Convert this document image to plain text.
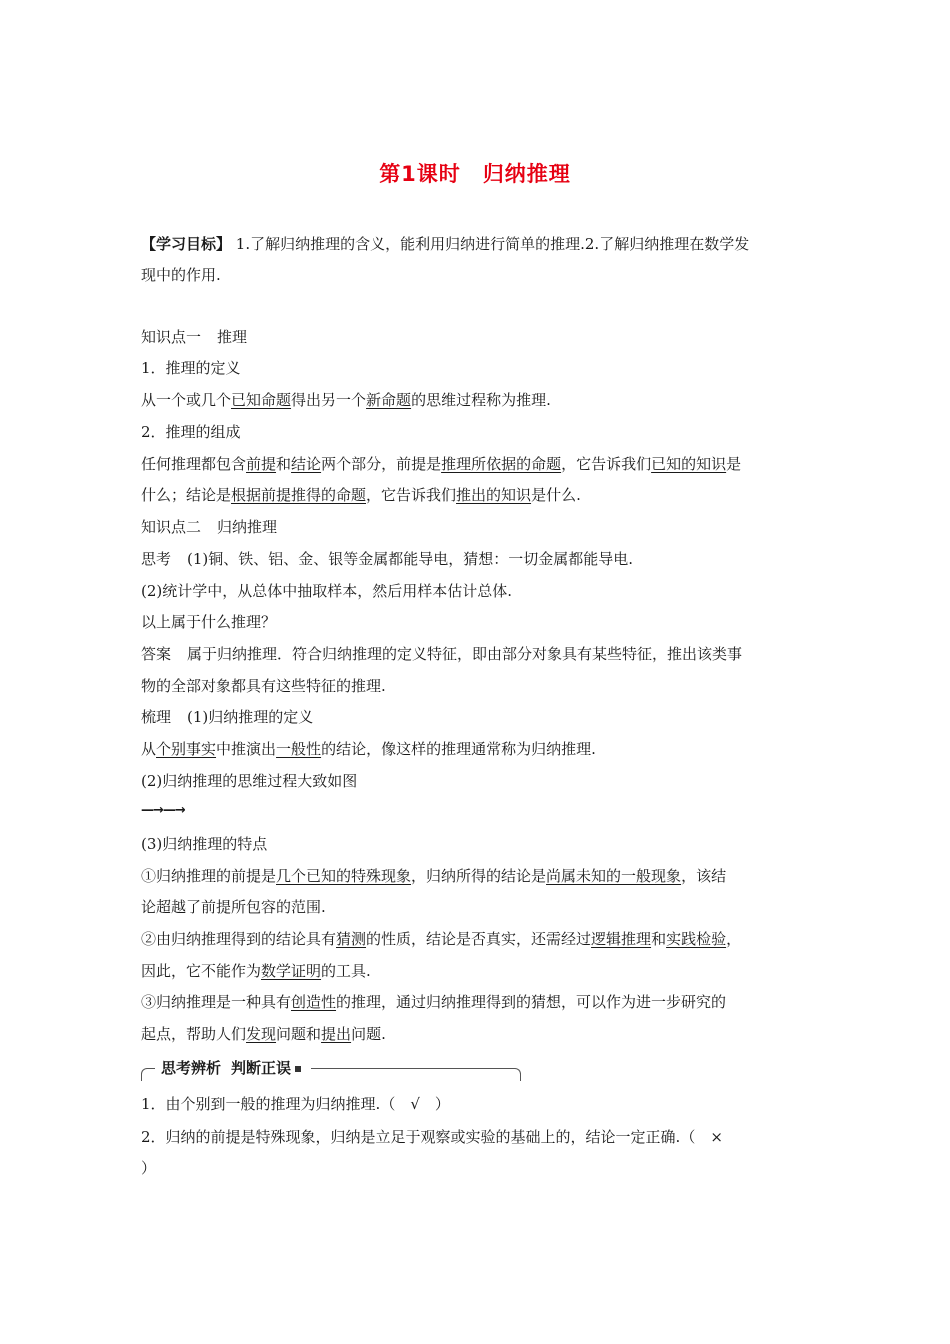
第1课时 归纳推理
【学习目标】 1.了解归纳推理的含义，能利用归纳进行简单的推理.2.了解归纳推理在数学发
现中的作用.
知识点一 推理
1．推理的定义
从一个或几个已知命题得出另一个新命题的思维过程称为推理.
2．推理的组成
任何推理都包含前提和结论两个部分，前提是推理所依据的命题，它告诉我们已知的知识是
什么；结论是根据前提推得的命题，它告诉我们推出的知识是什么.
知识点二 归纳推理
思考 (1)铜、铁、铝、金、银等金属都能导电，猜想：一切金属都能导电.
(2)统计学中，从总体中抽取样本，然后用样本估计总体.
以上属于什么推理？
答案 属于归纳推理．符合归纳推理的定义特征，即由部分对象具有某些特征，推出该类事
物的全部对象都具有这些特征的推理.
梳理 (1)归纳推理的定义
从个别事实中推演出一般性的结论，像这样的推理通常称为归纳推理.
(2)归纳推理的思维过程大致如图
—→—→
(3)归纳推理的特点
①归纳推理的前提是几个已知的特殊现象，归纳所得的结论是尚属未知的一般现象，该结
论超越了前提所包容的范围.
②由归纳推理得到的结论具有猜测的性质，结论是否真实，还需经过逻辑推理和实践检验，
因此，它不能作为数学证明的工具.
③归纳推理是一种具有创造性的推理，通过归纳推理得到的猜想，可以作为进一步研究的
起点，帮助人们发现问题和提出问题.
思考辨析 判断正误
1．由个别到一般的推理为归纳推理.（　√　）
2．归纳的前提是特殊现象，归纳是立足于观察或实验的基础上的，结论一定正确.（　×
）
